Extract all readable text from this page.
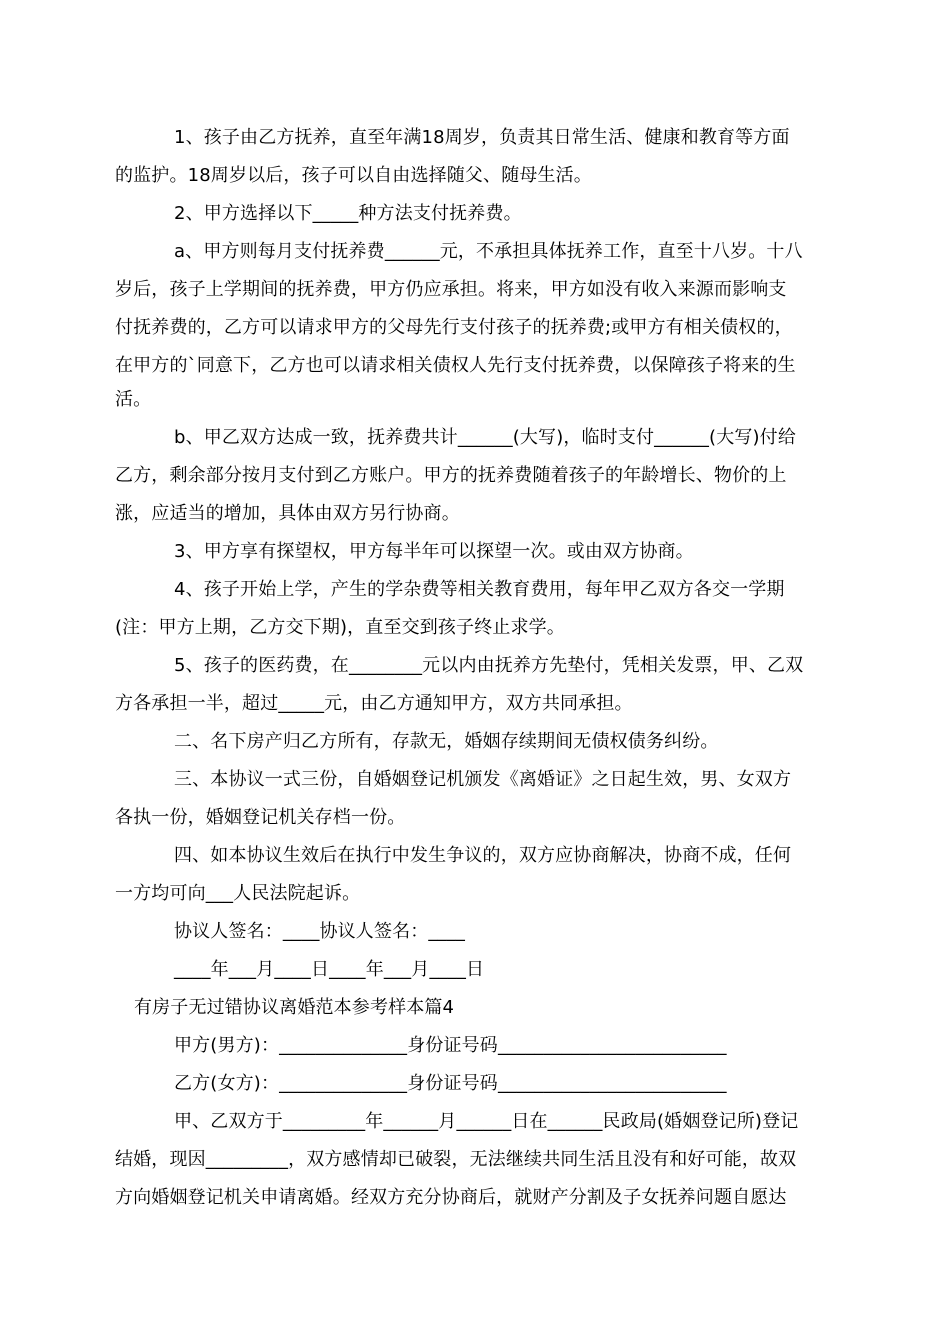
1、孩子由乙方抚养，直至年满18周岁，负责其日常生活、健康和教育等方面
的监护。18周岁以后，孩子可以自由选择随父、随母生活。
2、甲方选择以下_____种方法支付抚养费。
a、甲方则每月支付抚养费______元，不承担具体抚养工作，直至十八岁。十八
岁后，孩子上学期间的抚养费，甲方仍应承担。将来，甲方如没有收入来源而影响支
付抚养费的，乙方可以请求甲方的父母先行支付孩子的抚养费;或甲方有相关债权的，
在甲方的`同意下，乙方也可以请求相关债权人先行支付抚养费，以保障孩子将来的生
活。
b、甲乙双方达成一致，抚养费共计______(大写)，临时支付______(大写)付给
乙方，剩余部分按月支付到乙方账户。甲方的抚养费随着孩子的年龄增长、物价的上
涨，应适当的增加，具体由双方另行协商。
3、甲方享有探望权，甲方每半年可以探望一次。或由双方协商。
4、孩子开始上学，产生的学杂费等相关教育费用，每年甲乙双方各交一学期
(注：甲方上期，乙方交下期)，直至交到孩子终止求学。
5、孩子的医药费，在________元以内由抚养方先垫付，凭相关发票，甲、乙双
方各承担一半，超过_____元，由乙方通知甲方，双方共同承担。
二、名下房产归乙方所有，存款无，婚姻存续期间无债权债务纠纷。
三、本协议一式三份，自婚姻登记机颁发《离婚证》之日起生效，男、女双方
各执一份，婚姻登记机关存档一份。
四、如本协议生效后在执行中发生争议的，双方应协商解决，协商不成，任何
一方均可向___人民法院起诉。
协议人签名：____协议人签名：____
____年___月____日____年___月____日
有房子无过错协议离婚范本参考样本篇4
甲方(男方)：______________身份证号码_________________________
乙方(女方)：______________身份证号码_________________________
甲、乙双方于_________年______月______日在______民政局(婚姻登记所)登记
结婚，现因_________，双方感情却已破裂，无法继续共同生活且没有和好可能，故双
方向婚姻登记机关申请离婚。经双方充分协商后，就财产分割及子女抚养问题自愿达
